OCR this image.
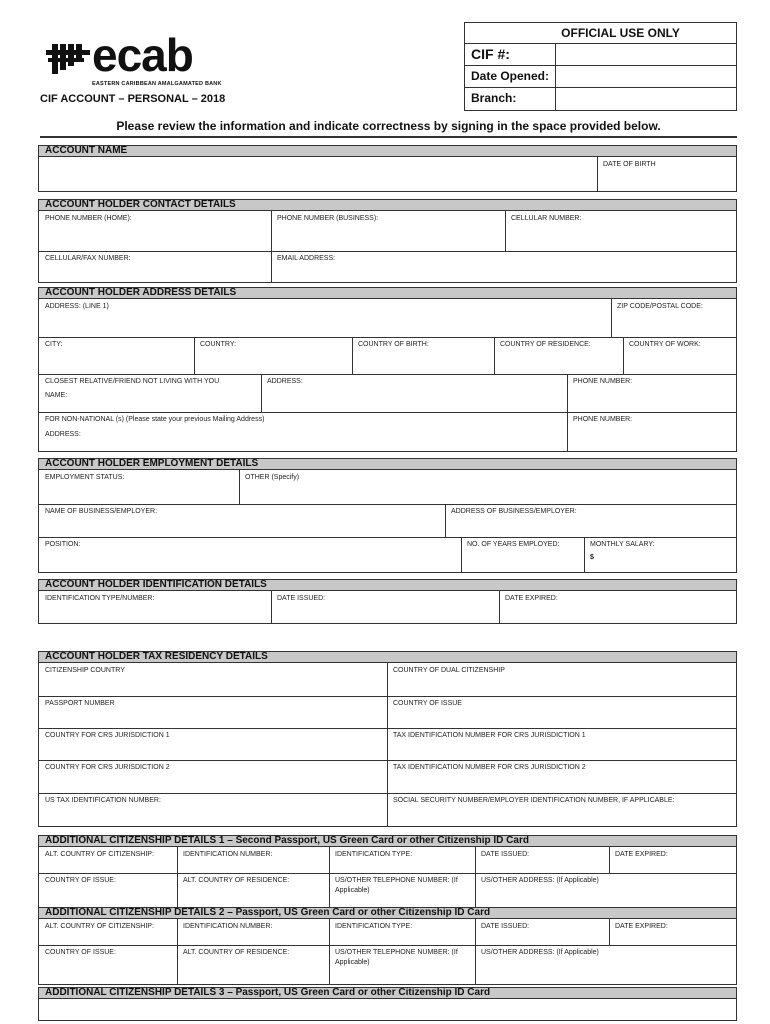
ecab
EASTERN CARIBBEAN AMALGAMATED BANK
CIF ACCOUNT – PERSONAL – 2018
OFFICIAL USE ONLY
CIF #:
Date Opened:
Branch:
Please review the information and indicate correctness by signing in the space provided below.
ACCOUNT NAME
DATE OF BIRTH
ACCOUNT HOLDER CONTACT DETAILS
PHONE NUMBER (HOME):	PHONE NUMBER (BUSINESS):	CELLULAR NUMBER:
CELLULAR/FAX NUMBER:	EMAIL ADDRESS:
ACCOUNT HOLDER ADDRESS DETAILS
ADDRESS: (LINE 1)	ZIP CODE/POSTAL CODE:
CITY:	COUNTRY:	COUNTRY OF BIRTH:	COUNTRY OF RESIDENCE:	COUNTRY OF WORK:
CLOSEST RELATIVE/FRIEND NOT LIVING WITH YOU
NAME:
ADDRESS:	PHONE NUMBER:
FOR NON-NATIONAL (s) (Please state your previous Mailing Address)
ADDRESS:
PHONE NUMBER:
ACCOUNT HOLDER EMPLOYMENT DETAILS
EMPLOYMENT STATUS:	OTHER (Specify)
NAME OF BUSINESS/EMPLOYER:	ADDRESS OF BUSINESS/EMPLOYER:
POSITION:	NO. OF YEARS EMPLOYED:	MONTHLY SALARY:
$
ACCOUNT HOLDER IDENTIFICATION DETAILS
IDENTIFICATION TYPE/NUMBER:	DATE ISSUED:	DATE EXPIRED:
ACCOUNT HOLDER TAX RESIDENCY DETAILS
CITIZENSHIP COUNTRY	COUNTRY OF DUAL CITIZENSHIP
PASSPORT NUMBER	COUNTRY OF ISSUE
COUNTRY FOR CRS JURISDICTION 1	TAX IDENTIFICATION NUMBER FOR CRS JURISDICTION 1
COUNTRY FOR CRS JURISDICTION 2	TAX IDENTIFICATION NUMBER FOR CRS JURISDICTION 2
US TAX IDENTIFICATION NUMBER:	SOCIAL SECURITY NUMBER/EMPLOYER IDENTIFICATION NUMBER, IF APPLICABLE:
ADDITIONAL CITIZENSHIP DETAILS 1 – Second Passport, US Green Card or other Citizenship ID Card
ALT. COUNTRY OF CITIZENSHIP:	IDENTIFICATION NUMBER:	IDENTIFICATION TYPE:	DATE ISSUED:	DATE EXPIRED:
COUNTRY OF ISSUE:	ALT. COUNTRY OF RESIDENCE:	US/OTHER TELEPHONE NUMBER: (If Applicable)
US/OTHER ADDRESS: (If Applicable)
ADDITIONAL CITIZENSHIP DETAILS 2 – Passport, US Green Card or other Citizenship ID Card
ALT. COUNTRY OF CITIZENSHIP:	IDENTIFICATION NUMBER:	IDENTIFICATION TYPE:	DATE ISSUED:	DATE EXPIRED:
COUNTRY OF ISSUE:	ALT. COUNTRY OF RESIDENCE:	US/OTHER TELEPHONE NUMBER: (If Applicable)
US/OTHER ADDRESS: (If Applicable)
ADDITIONAL CITIZENSHIP DETAILS 3 – Passport, US Green Card or other Citizenship ID Card
